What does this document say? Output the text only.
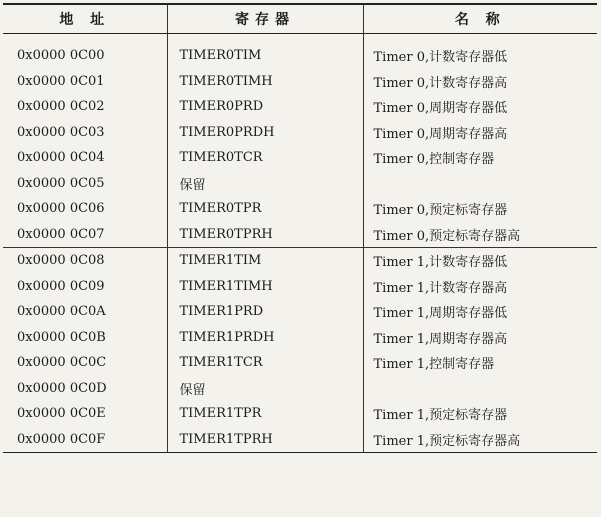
地 址	寄存器	名 称

0x0000 0C00	TIMER0TIM	Timer 0,计数寄存器低
0x0000 0C01	TIMER0TIMH	Timer 0,计数寄存器高
0x0000 0C02	TIMER0PRD	Timer 0,周期寄存器低
0x0000 0C03	TIMER0PRDH	Timer 0,周期寄存器高
0x0000 0C04	TIMER0TCR	Timer 0,控制寄存器
0x0000 0C05	保留	
0x0000 0C06	TIMER0TPR	Timer 0,预定标寄存器
0x0000 0C07	TIMER0TPRH	Timer 0,预定标寄存器高
0x0000 0C08	TIMER1TIM	Timer 1,计数寄存器低
0x0000 0C09	TIMER1TIMH	Timer 1,计数寄存器高
0x0000 0C0A	TIMER1PRD	Timer 1,周期寄存器低
0x0000 0C0B	TIMER1PRDH	Timer 1,周期寄存器高
0x0000 0C0C	TIMER1TCR	Timer 1,控制寄存器
0x0000 0C0D	保留	
0x0000 0C0E	TIMER1TPR	Timer 1,预定标寄存器
0x0000 0C0F	TIMER1TPRH	Timer 1,预定标寄存器高
